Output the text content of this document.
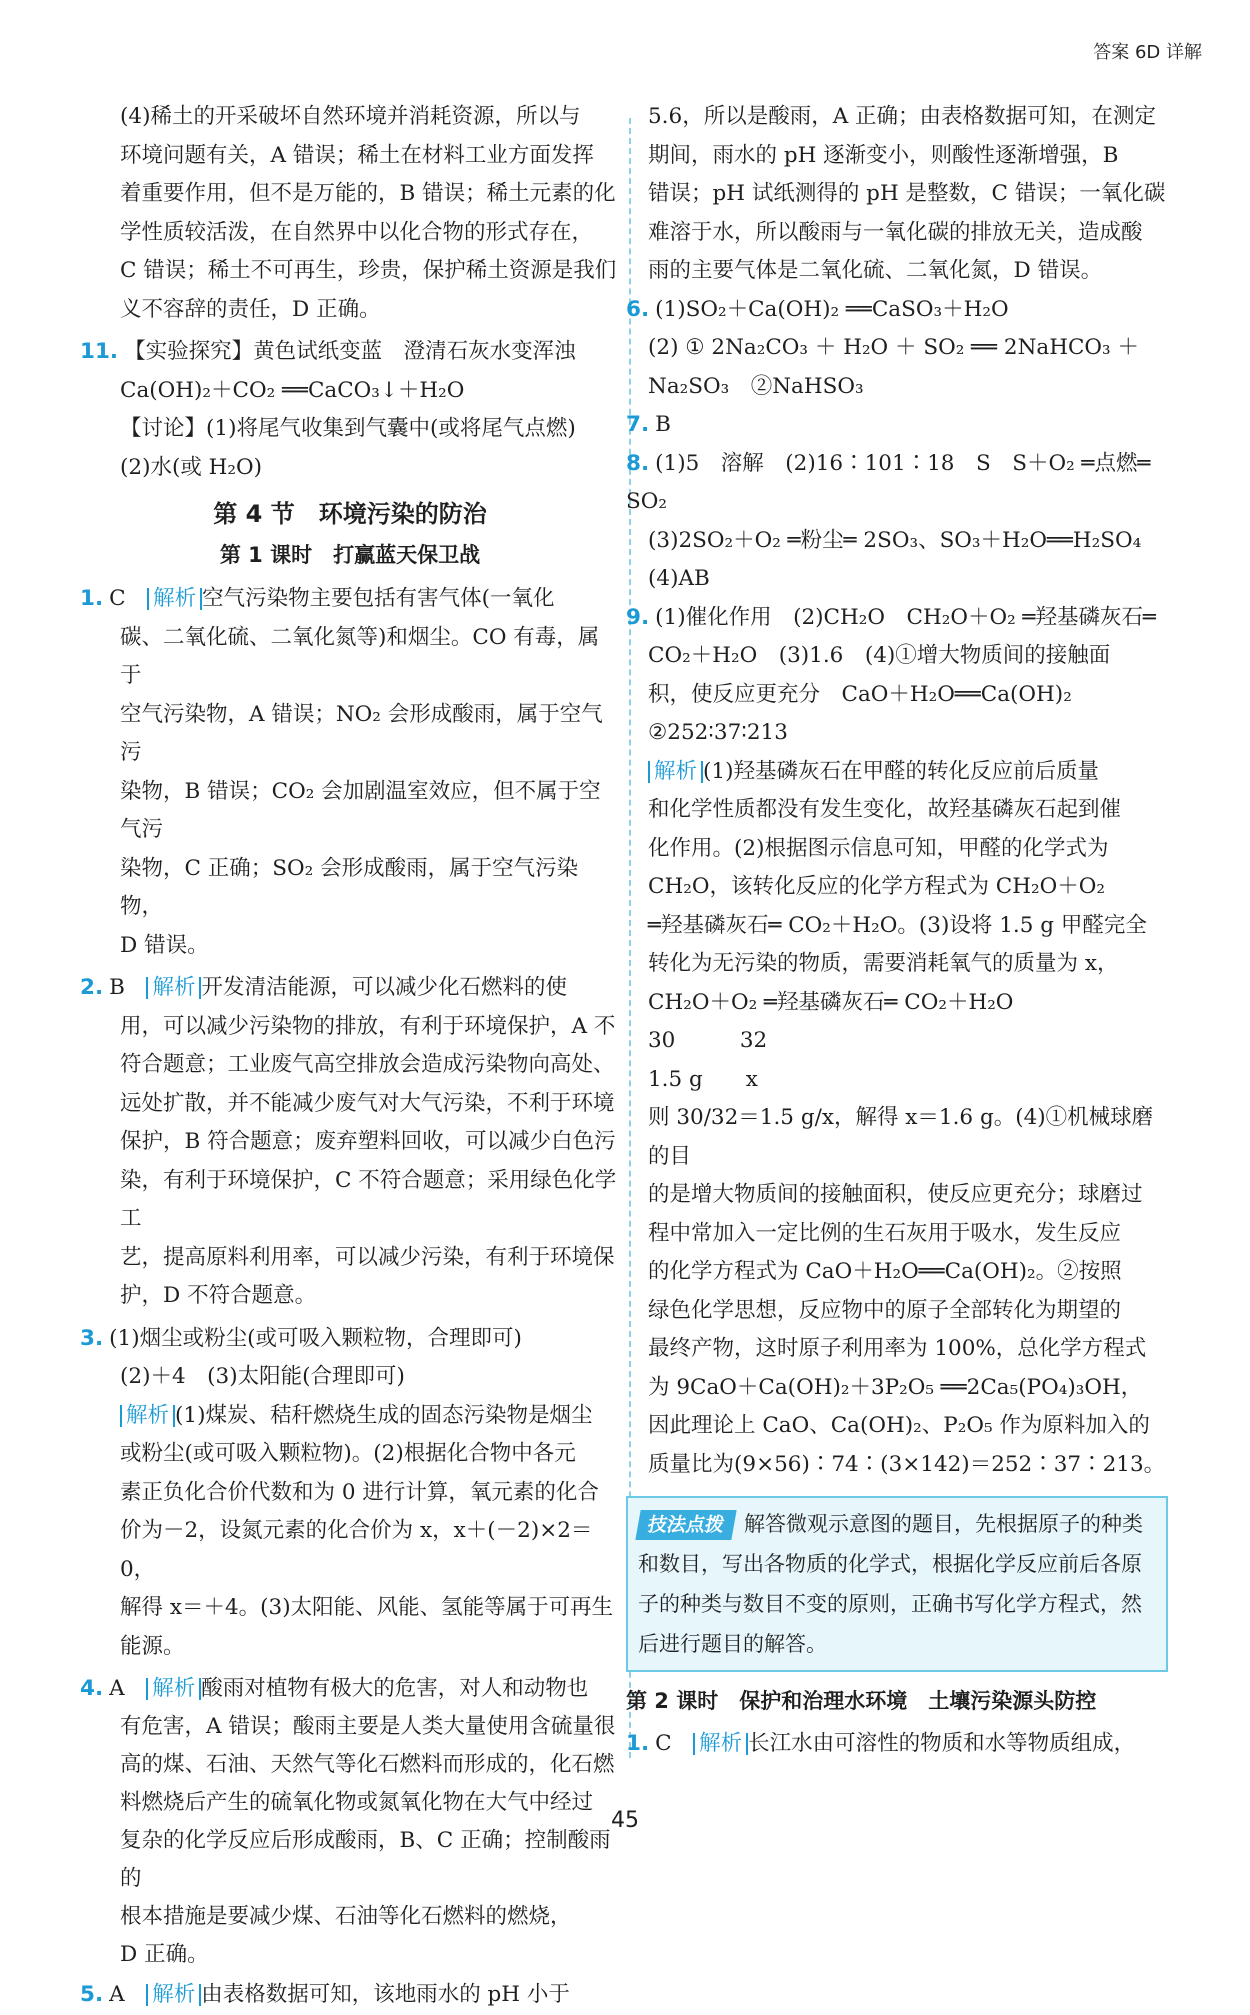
答案 6D 详解

(4)稀土的开采破坏自然环境并消耗资源，所以与

环境问题有关，A 错误；稀土在材料工业方面发挥

着重要作用，但不是万能的，B 错误；稀土元素的化

学性质较活泼，在自然界中以化合物的形式存在，

C 错误；稀土不可再生，珍贵，保护稀土资源是我们

义不容辞的责任，D 正确。

11. 【实验探究】黄色试纸变蓝　澄清石灰水变浑浊

Ca(OH)₂＋CO₂ ══CaCO₃↓＋H₂O

【讨论】(1)将尾气收集到气囊中(或将尾气点燃)

(2)水(或 H₂O)

第 4 节　环境污染的防治
第 1 课时　打赢蓝天保卫战

1. C　 解析 空气污染物主要包括有害气体(一氧化

碳、二氧化硫、二氧化氮等)和烟尘。CO 有毒，属于

空气污染物，A 错误；NO₂ 会形成酸雨，属于空气污

染物，B 错误；CO₂ 会加剧温室效应，但不属于空气污

染物，C 正确；SO₂ 会形成酸雨，属于空气污染物，

D 错误。

2. B　 解析 开发清洁能源，可以减少化石燃料的使

用，可以减少污染物的排放，有利于环境保护，A 不

符合题意；工业废气高空排放会造成污染物向高处、

远处扩散，并不能减少废气对大气污染，不利于环境

保护，B 符合题意；废弃塑料回收，可以减少白色污

染，有利于环境保护，C 不符合题意；采用绿色化学工

艺，提高原料利用率，可以减少污染，有利于环境保

护，D 不符合题意。

3. (1)烟尘或粉尘(或可吸入颗粒物，合理即可)

(2)＋4　(3)太阳能(合理即可)

解析 (1)煤炭、秸秆燃烧生成的固态污染物是烟尘

或粉尘(或可吸入颗粒物)。(2)根据化合物中各元

素正负化合价代数和为 0 进行计算，氧元素的化合

价为－2，设氮元素的化合价为 x，x＋(－2)×2＝0，

解得 x＝＋4。(3)太阳能、风能、氢能等属于可再生

能源。

4. A　 解析 酸雨对植物有极大的危害，对人和动物也

有危害，A 错误；酸雨主要是人类大量使用含硫量很

高的煤、石油、天然气等化石燃料而形成的，化石燃

料燃烧后产生的硫氧化物或氮氧化物在大气中经过

复杂的化学反应后形成酸雨，B、C 正确；控制酸雨的

根本措施是要减少煤、石油等化石燃料的燃烧，

D 正确。

5. A　 解析 由表格数据可知，该地雨水的 pH 小于

5.6，所以是酸雨，A 正确；由表格数据可知，在测定

期间，雨水的 pH 逐渐变小，则酸性逐渐增强，B

错误；pH 试纸测得的 pH 是整数，C 错误；一氧化碳

难溶于水，所以酸雨与一氧化碳的排放无关，造成酸

雨的主要气体是二氧化硫、二氧化氮，D 错误。

6. (1)SO₂＋Ca(OH)₂ ══CaSO₃＋H₂O

(2) ① 2Na₂CO₃ ＋ H₂O ＋ SO₂ ══ 2NaHCO₃ ＋

Na₂SO₃　②NaHSO₃

7. B

8. (1)5　溶解　(2)16∶101∶18　S　S＋O₂ ═点燃═ SO₂

(3)2SO₂＋O₂ ═粉尘═ 2SO₃、SO₃＋H₂O══H₂SO₄

(4)AB

9. (1)催化作用　(2)CH₂O　CH₂O＋O₂ ═羟基磷灰石═

CO₂＋H₂O　(3)1.6　(4)①增大物质间的接触面

积，使反应更充分　CaO＋H₂O══Ca(OH)₂

②252∶37∶213

解析 (1)羟基磷灰石在甲醛的转化反应前后质量

和化学性质都没有发生变化，故羟基磷灰石起到催

化作用。(2)根据图示信息可知，甲醛的化学式为

CH₂O，该转化反应的化学方程式为 CH₂O＋O₂

═羟基磷灰石═ CO₂＋H₂O。(3)设将 1.5 g 甲醛完全

转化为无污染的物质，需要消耗氧气的质量为 x，

CH₂O＋O₂ ═羟基磷灰石═ CO₂＋H₂O

30　　　32

1.5 g　　x

则 30/32＝1.5 g/x，解得 x＝1.6 g。(4)①机械球磨的目

的是增大物质间的接触面积，使反应更充分；球磨过

程中常加入一定比例的生石灰用于吸水，发生反应

的化学方程式为 CaO＋H₂O══Ca(OH)₂。②按照

绿色化学思想，反应物中的原子全部转化为期望的

最终产物，这时原子利用率为 100%，总化学方程式

为 9CaO＋Ca(OH)₂＋3P₂O₅ ══2Ca₅(PO₄)₃OH，

因此理论上 CaO、Ca(OH)₂、P₂O₅ 作为原料加入的

质量比为(9×56)∶74∶(3×142)＝252∶37∶213。

技法点拨 解答微观示意图的题目，先根据原子的种类和数目，写出各物质的化学式，根据化学反应前后各原子的种类与数目不变的原则，正确书写化学方程式，然后进行题目的解答。
第 2 课时　保护和治理水环境　土壤污染源头防控

1. C　 解析 长江水由可溶性的物质和水等物质组成，

45
